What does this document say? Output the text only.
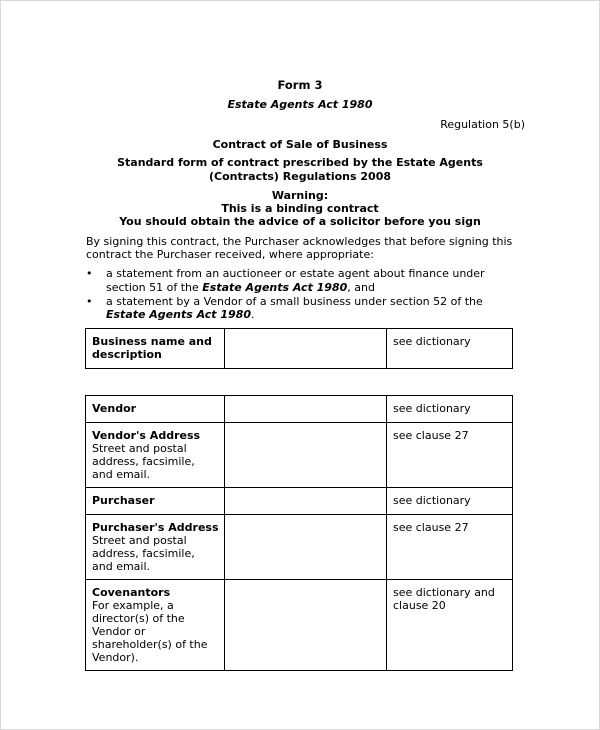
Form 3
Estate Agents Act 1980
Regulation 5(b)
Contract of Sale of Business
Standard form of contract prescribed by the Estate Agents
(Contracts) Regulations 2008
Warning:
This is a binding contract
You should obtain the advice of a solicitor before you sign
By signing this contract, the Purchaser acknowledges that before signing this
contract the Purchaser received, where appropriate:
• a statement from an auctioneer or estate agent about finance under
section 51 of the Estate Agents Act 1980, and
• a statement by a Vendor of a small business under section 52 of the
Estate Agents Act 1980.
Business name and description		see dictionary
Vendor		see dictionary

Vendor's Address
Street and postal address, facsimile, and email.		see clause 27
Purchaser		see dictionary

Purchaser's Address
Street and postal address, facsimile, and email.		see clause 27

Covenantors
For example, a director(s) of the Vendor or shareholder(s) of the Vendor).		see dictionary and clause 20
